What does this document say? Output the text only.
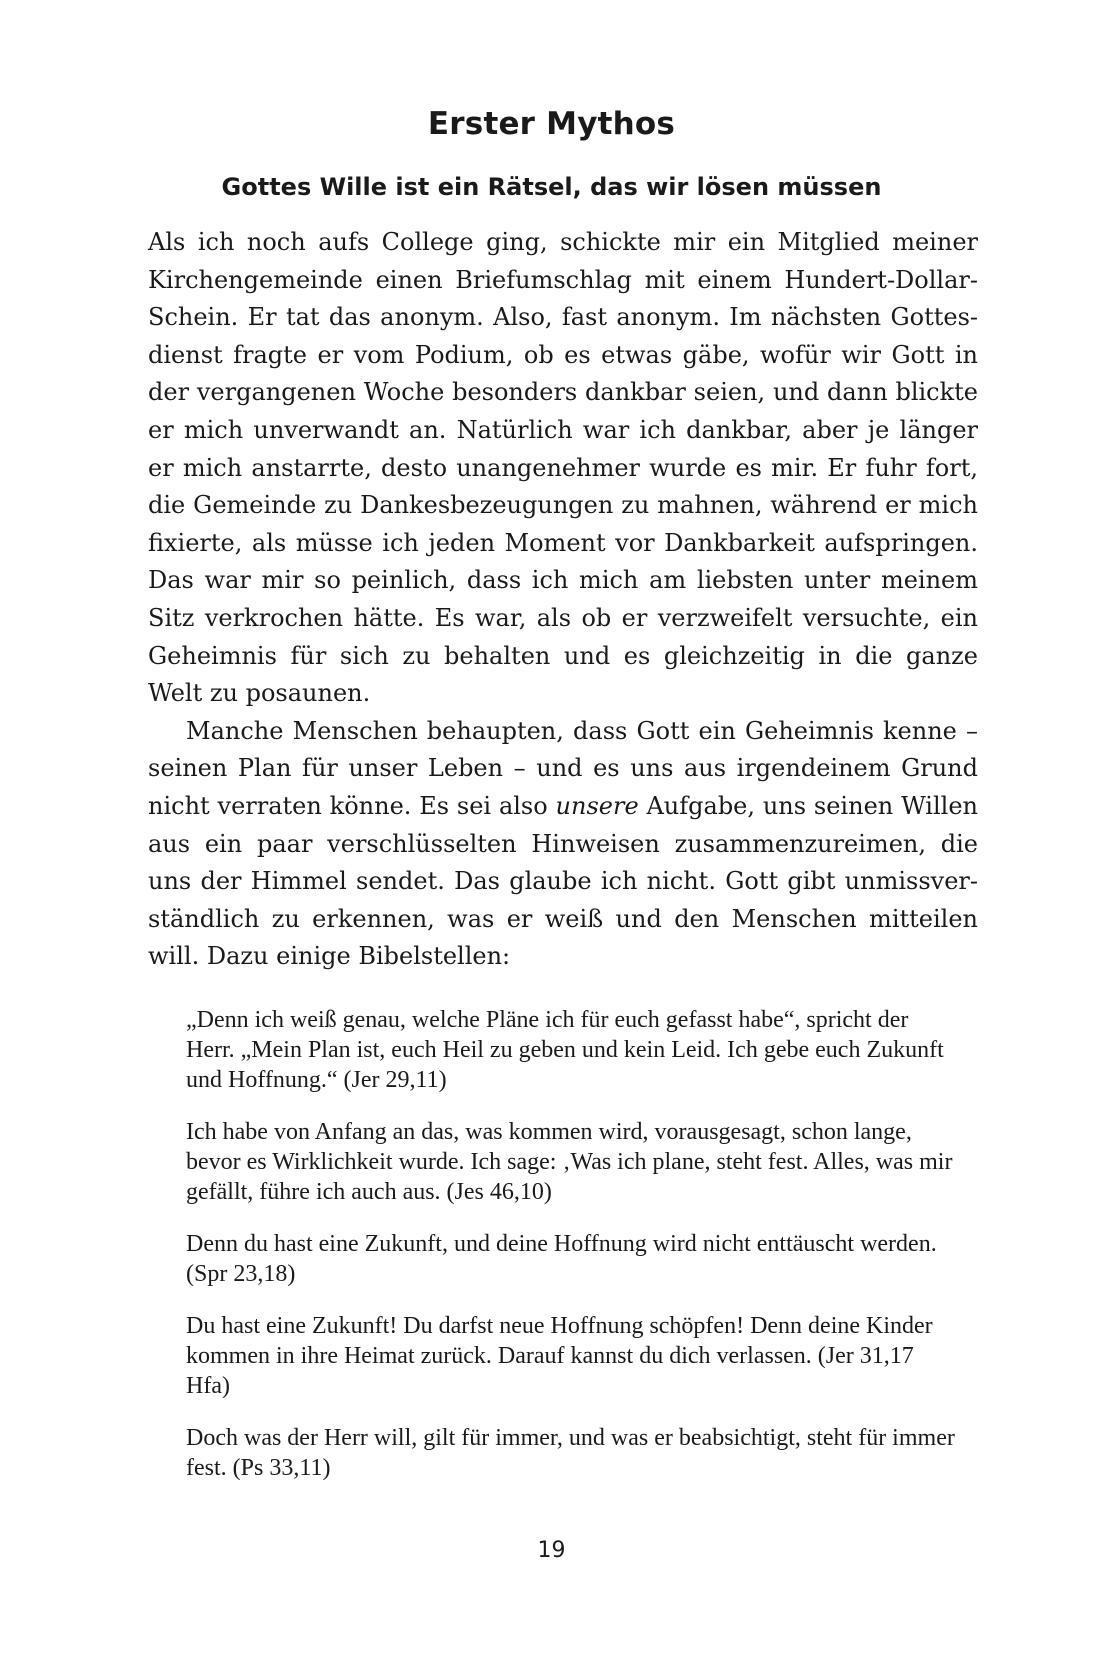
Erster Mythos
Gottes Wille ist ein Rätsel, das wir lösen müssen

Als ich noch aufs College ging, schickte mir ein Mitglied meiner Kirchengemeinde einen Briefumschlag mit einem Hundert-Dollar-Schein. Er tat das anonym. Also, fast anonym. Im nächsten Gottesdienst fragte er vom Podium, ob es etwas gäbe, wofür wir Gott in der vergangenen Woche besonders dankbar seien, und dann blickte er mich unverwandt an. Natürlich war ich dankbar, aber je länger er mich anstarrte, desto unangenehmer wurde es mir. Er fuhr fort, die Gemeinde zu Dankesbezeugungen zu mahnen, während er mich fixierte, als müsse ich jeden Moment vor Dankbarkeit aufspringen. Das war mir so peinlich, dass ich mich am liebsten unter meinem Sitz verkrochen hätte. Es war, als ob er verzweifelt versuchte, ein Geheimnis für sich zu behalten und es gleichzeitig in die ganze Welt zu posaunen.

Manche Menschen behaupten, dass Gott ein Geheimnis kenne – seinen Plan für unser Leben – und es uns aus irgendeinem Grund nicht verraten könne. Es sei also unsere Aufgabe, uns seinen Willen aus ein paar verschlüsselten Hinweisen zusammenzureimen, die uns der Himmel sendet. Das glaube ich nicht. Gott gibt unmissverständlich zu erkennen, was er weiß und den Menschen mitteilen will. Dazu einige Bibelstellen:

„Denn ich weiß genau, welche Pläne ich für euch gefasst habe“, spricht der Herr. „Mein Plan ist, euch Heil zu geben und kein Leid. Ich gebe euch Zukunft und Hoffnung.“ (Jer 29,11)

Ich habe von Anfang an das, was kommen wird, vorausgesagt, schon lange, bevor es Wirklichkeit wurde. Ich sage: ‚Was ich plane, steht fest. Alles, was mir gefällt, führe ich auch aus. (Jes 46,10)

Denn du hast eine Zukunft, und deine Hoffnung wird nicht enttäuscht werden. (Spr 23,18)

Du hast eine Zukunft! Du darfst neue Hoffnung schöpfen! Denn deine Kinder kommen in ihre Heimat zurück. Darauf kannst du dich verlassen. (Jer 31,17 Hfa)

Doch was der Herr will, gilt für immer, und was er beabsichtigt, steht für immer fest. (Ps 33,11)

19
